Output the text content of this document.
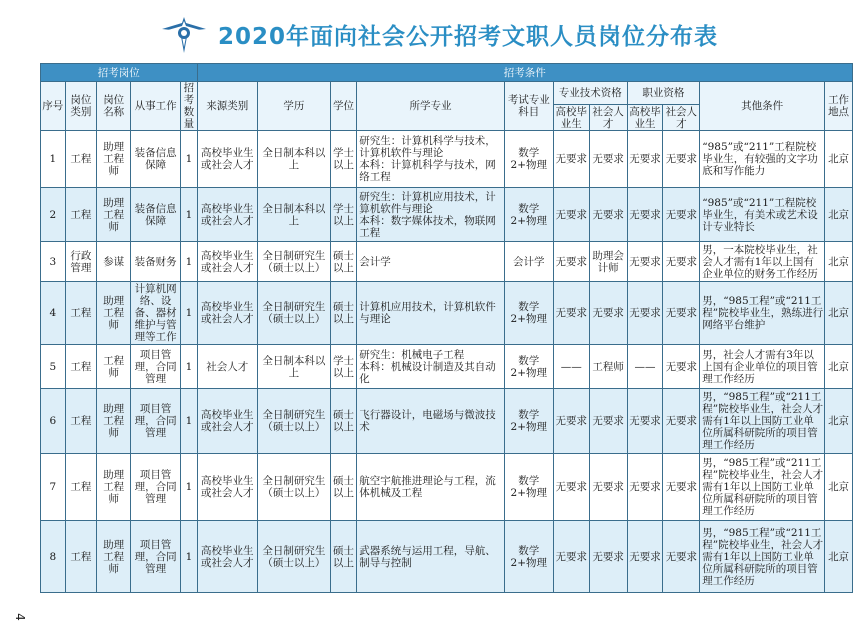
2020年面向社会公开招考文职人员岗位分布表
招考岗位					招考条件										
序号	岗位类别	岗位名称	从事工作	招考数量	来源类别	学历	学位	所学专业	考试专业科目	专业技术资格		职业资格		其他条件	工作地点
										高校毕业生	社会人才	高校毕业生	社会人才		
1	工程	助理工程师	装备信息保障	1	高校毕业生或社会人才	全日制本科以上	学士以上	研究生：计算机科学与技术，计算机软件与理论
本科：计算机科学与技术，网络工程	数学2+物理	无要求	无要求	无要求	无要求	“985”或“211”工程院校毕业生，有较强的文字功底和写作能力	北京
2	工程	助理工程师	装备信息保障	1	高校毕业生或社会人才	全日制本科以上	学士以上	研究生：计算机应用技术，计算机软件与理论
本科：数字媒体技术，物联网工程	数学2+物理	无要求	无要求	无要求	无要求	“985”或“211”工程院校毕业生，有美术或艺术设计专业特长	北京
3	行政管理	参谋	装备财务	1	高校毕业生或社会人才	全日制研究生（硕士以上）	硕士以上	会计学	会计学	无要求	助理会计师	无要求	无要求	男，一本院校毕业生，社会人才需有1年以上国有企业单位的财务工作经历	北京
4	工程	助理工程师	计算机网络、设备、器材维护与管理等工作	1	高校毕业生或社会人才	全日制研究生（硕士以上）	硕士以上	计算机应用技术，计算机软件与理论	数学2+物理	无要求	无要求	无要求	无要求	男，“985工程”或“211工程”院校毕业生，熟练进行网络平台维护	北京
5	工程	工程师	项目管理，合同管理	1	社会人才	全日制本科以上	学士以上	研究生：机械电子工程
本科：机械设计制造及其自动化	数学2+物理	——	工程师	——	无要求	男，社会人才需有3年以上国有企业单位的项目管理工作经历	北京
6	工程	助理工程师	项目管理，合同管理	1	高校毕业生或社会人才	全日制研究生（硕士以上）	硕士以上	飞行器设计，电磁场与微波技术	数学2+物理	无要求	无要求	无要求	无要求	男，“985工程”或“211工程”院校毕业生，社会人才需有1年以上国防工业单位所属科研院所的项目管理工作经历	北京
7	工程	助理工程师	项目管理，合同管理	1	高校毕业生或社会人才	全日制研究生（硕士以上）	硕士以上	航空宇航推进理论与工程，流体机械及工程	数学2+物理	无要求	无要求	无要求	无要求	男，“985工程”或“211工程”院校毕业生，社会人才需有1年以上国防工业单位所属科研院所的项目管理工作经历	北京
8	工程	助理工程师	项目管理，合同管理	1	高校毕业生或社会人才	全日制研究生（硕士以上）	硕士以上	武器系统与运用工程，导航、制导与控制	数学2+物理	无要求	无要求	无要求	无要求	男，“985工程”或“211工程”院校毕业生，社会人才需有1年以上国防工业单位所属科研院所的项目管理工作经历	北京
4
